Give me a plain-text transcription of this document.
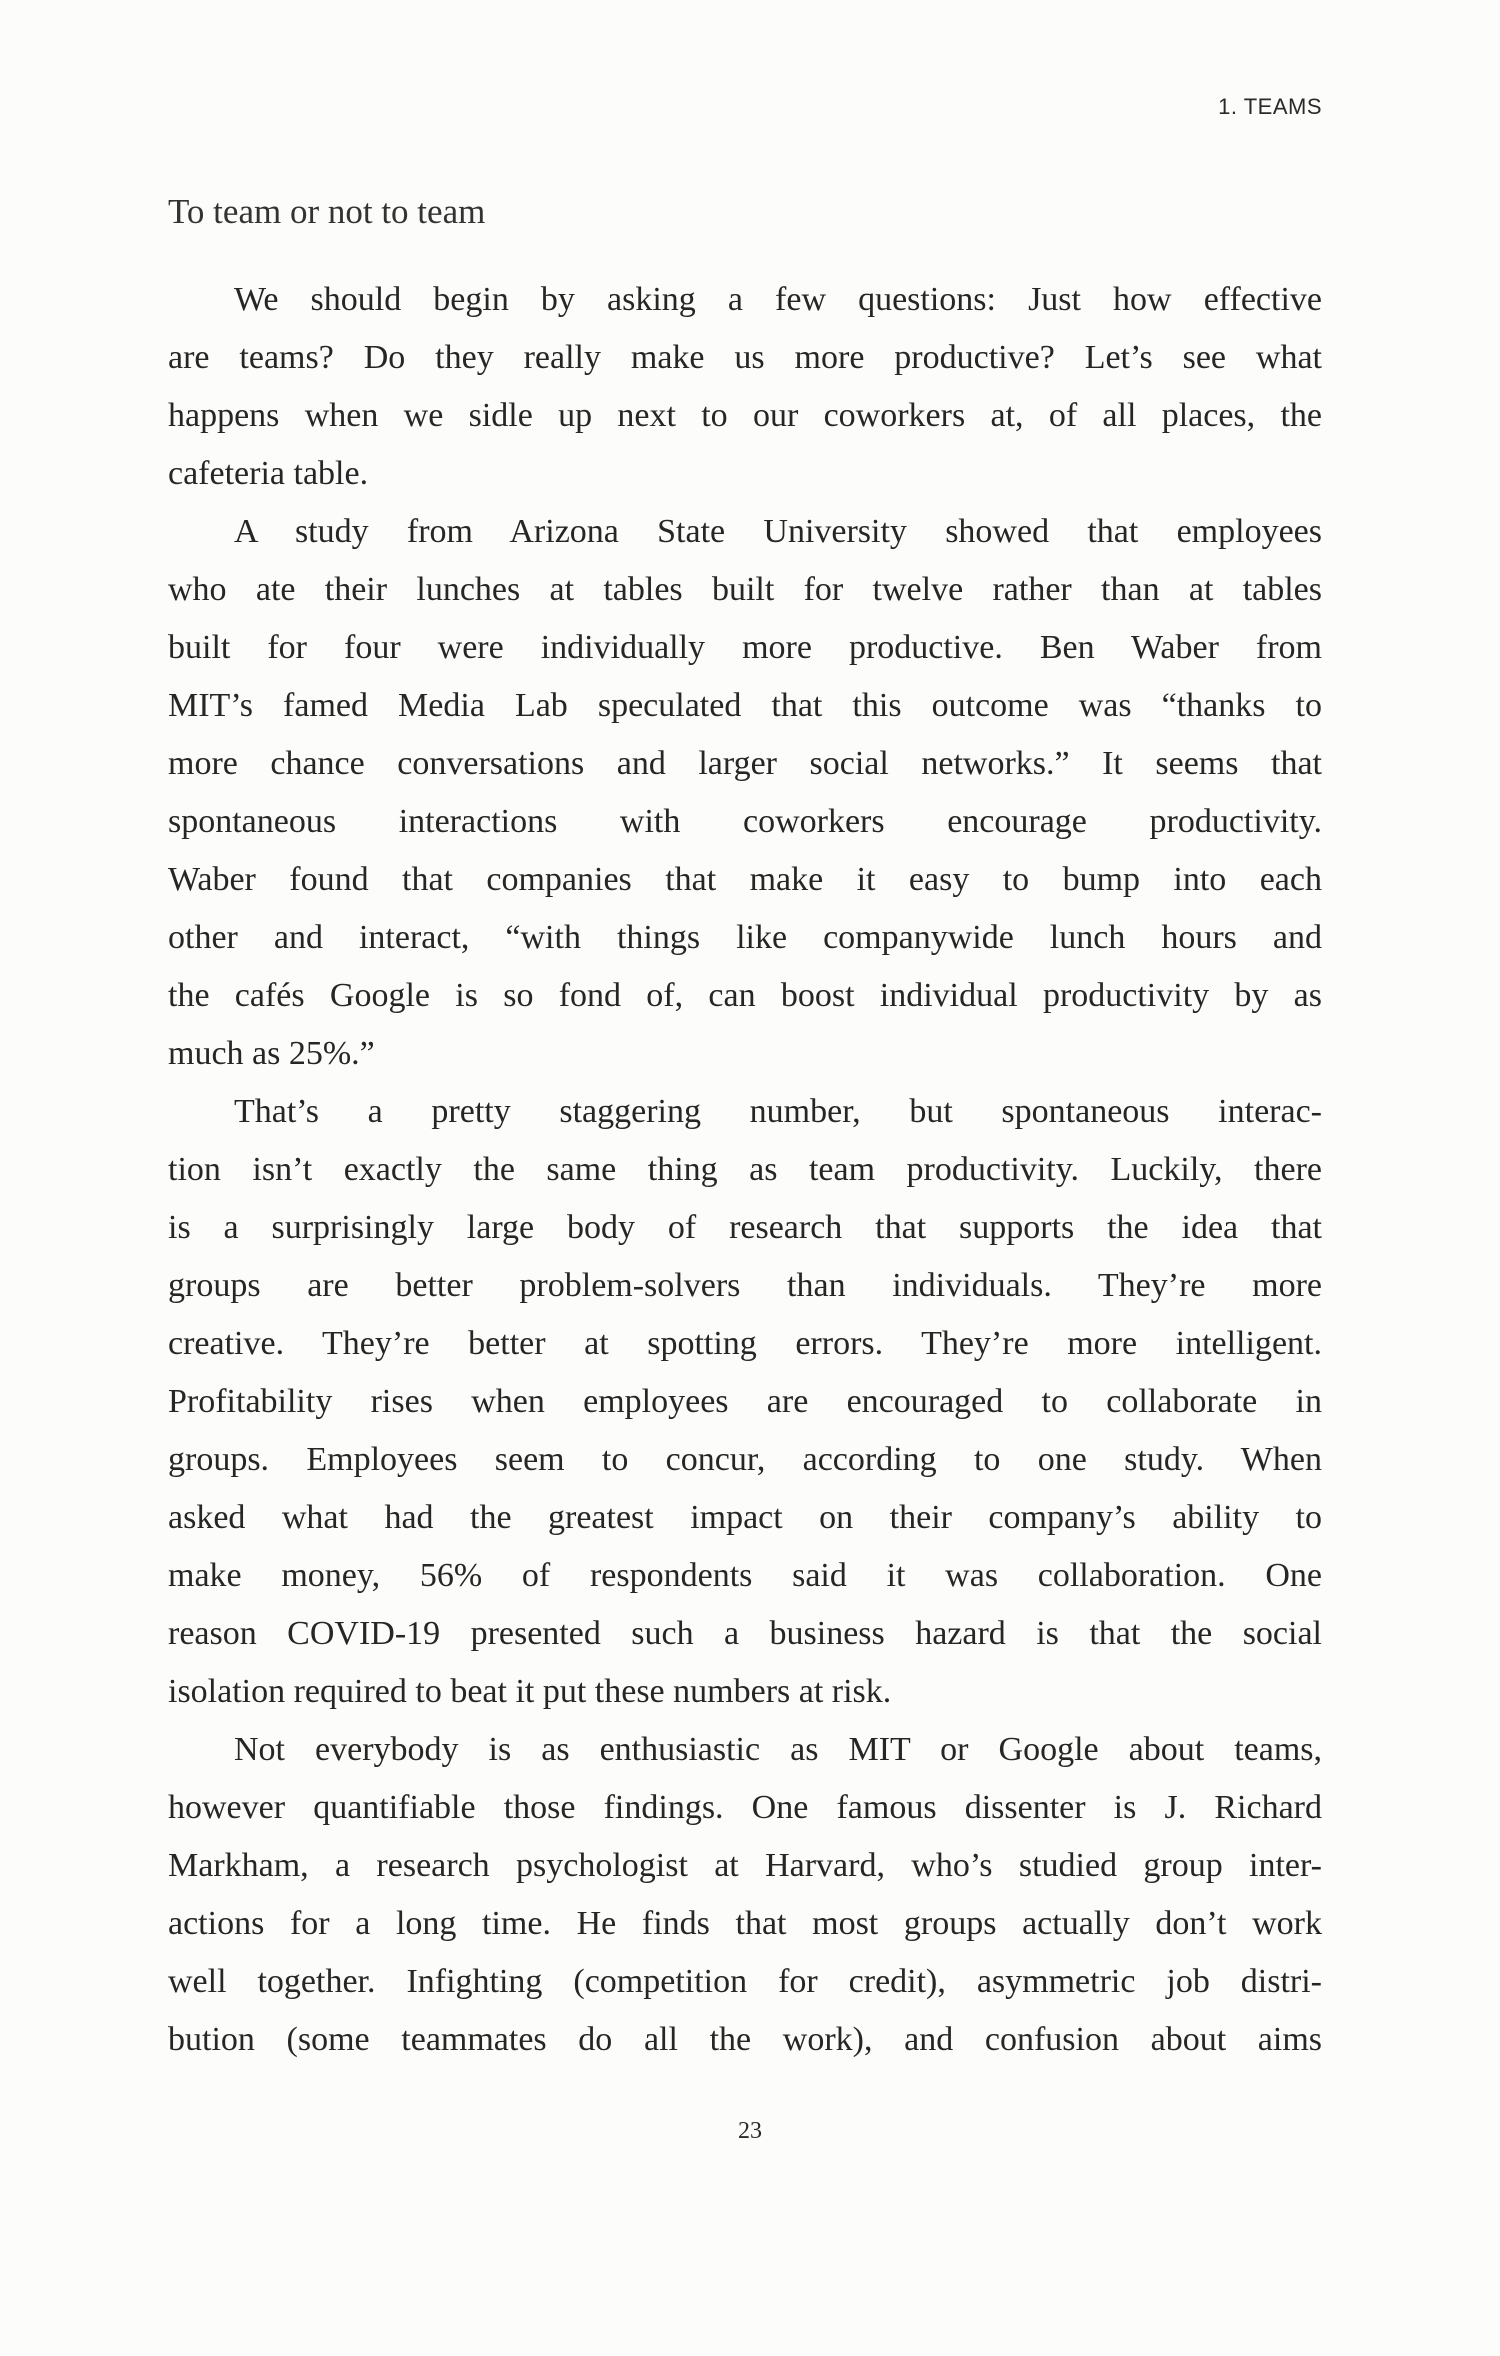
1. TEAMS
To team or not to team
We should begin by asking a few questions: Just how effective
are teams? Do they really make us more productive? Let’s see what
happens when we sidle up next to our coworkers at, of all places, the
cafeteria table.
A study from Arizona State University showed that employees
who ate their lunches at tables built for twelve rather than at tables
built for four were individually more productive. Ben Waber from
MIT’s famed Media Lab speculated that this outcome was “thanks to
more chance conversations and larger social networks.” It seems that
spontaneous interactions with coworkers encourage productivity.
Waber found that companies that make it easy to bump into each
other and interact, “with things like companywide lunch hours and
the cafés Google is so fond of, can boost individual productivity by as
much as 25%.”
That’s a pretty staggering number, but spontaneous interac-
tion isn’t exactly the same thing as team productivity. Luckily, there
is a surprisingly large body of research that supports the idea that
groups are better problem-solvers than individuals. They’re more
creative. They’re better at spotting errors. They’re more intelligent.
Profitability rises when employees are encouraged to collaborate in
groups. Employees seem to concur, according to one study. When
asked what had the greatest impact on their company’s ability to
make money, 56% of respondents said it was collaboration. One
reason COVID-19 presented such a business hazard is that the social
isolation required to beat it put these numbers at risk.
Not everybody is as enthusiastic as MIT or Google about teams,
however quantifiable those findings. One famous dissenter is J. Richard
Markham, a research psychologist at Harvard, who’s studied group inter-
actions for a long time. He finds that most groups actually don’t work
well together. Infighting (competition for credit), asymmetric job distri-
bution (some teammates do all the work), and confusion about aims
23
